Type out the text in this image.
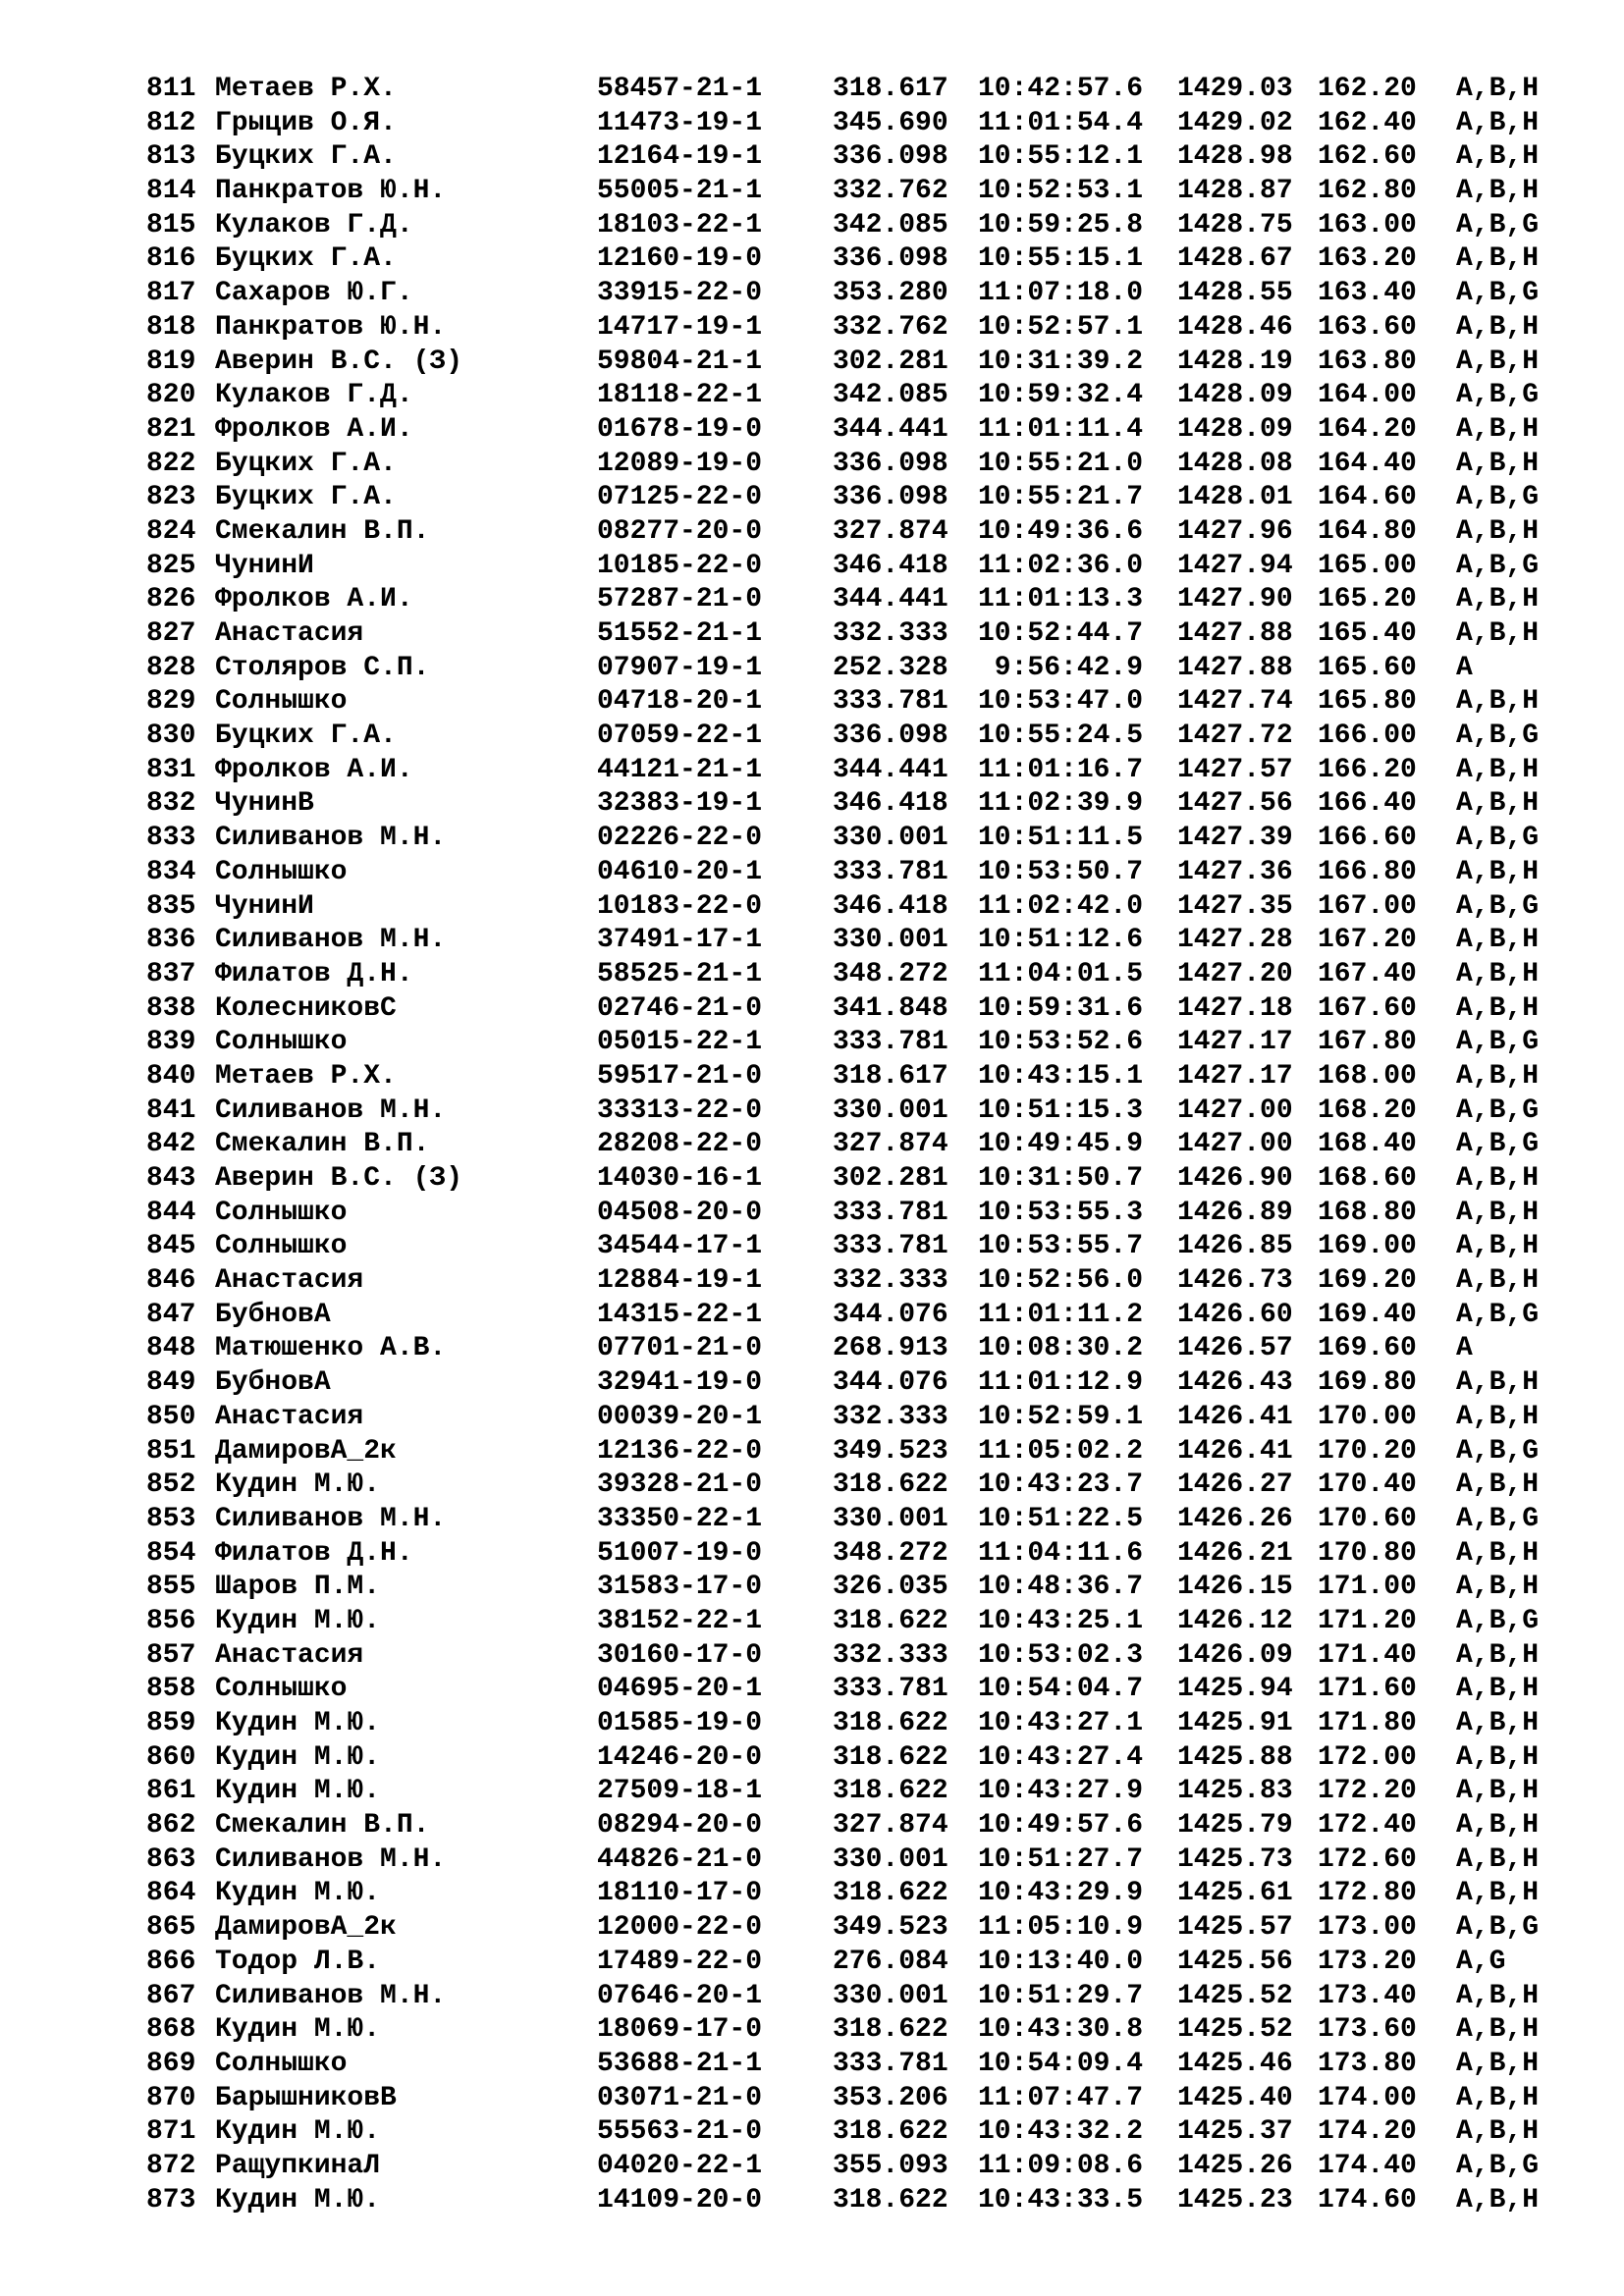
811 Метаев Р.Х.	58457-21-1	318.617 10:42:57.6 1429.03 162.20 A,B,H
812 Грыцив О.Я.	11473-19-1	345.690 11:01:54.4 1429.02 162.40 A,B,H
813 Буцких Г.А.	12164-19-1	336.098 10:55:12.1 1428.98 162.60 A,B,H
814 Панкратов Ю.Н.	55005-21-1	332.762 10:52:53.1 1428.87 162.80 A,B,H
815 Кулаков Г.Д.	18103-22-1	342.085 10:59:25.8 1428.75 163.00 A,B,G
816 Буцких Г.А.	12160-19-0	336.098 10:55:15.1 1428.67 163.20 A,B,H
817 Сахаров Ю.Г.	33915-22-0	353.280 11:07:18.0 1428.55 163.40 A,B,G
818 Панкратов Ю.Н.	14717-19-1	332.762 10:52:57.1 1428.46 163.60 A,B,H
819 Аверин В.С. (З)	59804-21-1	302.281 10:31:39.2 1428.19 163.80 A,B,H
820 Кулаков Г.Д.	18118-22-1	342.085 10:59:32.4 1428.09 164.00 A,B,G
821 Фролков А.И.	01678-19-0	344.441 11:01:11.4 1428.09 164.20 A,B,H
822 Буцких Г.А.	12089-19-0	336.098 10:55:21.0 1428.08 164.40 A,B,H
823 Буцких Г.А.	07125-22-0	336.098 10:55:21.7 1428.01 164.60 A,B,G
824 Смекалин В.П.	08277-20-0	327.874 10:49:36.6 1427.96 164.80 A,B,H
825 ЧунинИ	10185-22-0	346.418 11:02:36.0 1427.94 165.00 A,B,G
826 Фролков А.И.	57287-21-0	344.441 11:01:13.3 1427.90 165.20 A,B,H
827 Анастасия	51552-21-1	332.333 10:52:44.7 1427.88 165.40 A,B,H
828 Столяров С.П.	07907-19-1	252.328 9:56:42.9 1427.88 165.60 A
829 Солнышко	04718-20-1	333.781 10:53:47.0 1427.74 165.80 A,B,H
830 Буцких Г.А.	07059-22-1	336.098 10:55:24.5 1427.72 166.00 A,B,G
831 Фролков А.И.	44121-21-1	344.441 11:01:16.7 1427.57 166.20 A,B,H
832 ЧунинВ	32383-19-1	346.418 11:02:39.9 1427.56 166.40 A,B,H
833 Силиванов М.Н.	02226-22-0	330.001 10:51:11.5 1427.39 166.60 A,B,G
834 Солнышко	04610-20-1	333.781 10:53:50.7 1427.36 166.80 A,B,H
835 ЧунинИ	10183-22-0	346.418 11:02:42.0 1427.35 167.00 A,B,G
836 Силиванов М.Н.	37491-17-1	330.001 10:51:12.6 1427.28 167.20 A,B,H
837 Филатов Д.Н.	58525-21-1	348.272 11:04:01.5 1427.20 167.40 A,B,H
838 КолесниковС	02746-21-0	341.848 10:59:31.6 1427.18 167.60 A,B,H
839 Солнышко	05015-22-1	333.781 10:53:52.6 1427.17 167.80 A,B,G
840 Метаев Р.Х.	59517-21-0	318.617 10:43:15.1 1427.17 168.00 A,B,H
841 Силиванов М.Н.	33313-22-0	330.001 10:51:15.3 1427.00 168.20 A,B,G
842 Смекалин В.П.	28208-22-0	327.874 10:49:45.9 1427.00 168.40 A,B,G
843 Аверин В.С. (З)	14030-16-1	302.281 10:31:50.7 1426.90 168.60 A,B,H
844 Солнышко	04508-20-0	333.781 10:53:55.3 1426.89 168.80 A,B,H
845 Солнышко	34544-17-1	333.781 10:53:55.7 1426.85 169.00 A,B,H
846 Анастасия	12884-19-1	332.333 10:52:56.0 1426.73 169.20 A,B,H
847 БубновА	14315-22-1	344.076 11:01:11.2 1426.60 169.40 A,B,G
848 Матюшенко А.В.	07701-21-0	268.913 10:08:30.2 1426.57 169.60 A
849 БубновА	32941-19-0	344.076 11:01:12.9 1426.43 169.80 A,B,H
850 Анастасия	00039-20-1	332.333 10:52:59.1 1426.41 170.00 A,B,H
851 ДамировА_2к	12136-22-0	349.523 11:05:02.2 1426.41 170.20 A,B,G
852 Кудин М.Ю.	39328-21-0	318.622 10:43:23.7 1426.27 170.40 A,B,H
853 Силиванов М.Н.	33350-22-1	330.001 10:51:22.5 1426.26 170.60 A,B,G
854 Филатов Д.Н.	51007-19-0	348.272 11:04:11.6 1426.21 170.80 A,B,H
855 Шаров П.М.	31583-17-0	326.035 10:48:36.7 1426.15 171.00 A,B,H
856 Кудин М.Ю.	38152-22-1	318.622 10:43:25.1 1426.12 171.20 A,B,G
857 Анастасия	30160-17-0	332.333 10:53:02.3 1426.09 171.40 A,B,H
858 Солнышко	04695-20-1	333.781 10:54:04.7 1425.94 171.60 A,B,H
859 Кудин М.Ю.	01585-19-0	318.622 10:43:27.1 1425.91 171.80 A,B,H
860 Кудин М.Ю.	14246-20-0	318.622 10:43:27.4 1425.88 172.00 A,B,H
861 Кудин М.Ю.	27509-18-1	318.622 10:43:27.9 1425.83 172.20 A,B,H
862 Смекалин В.П.	08294-20-0	327.874 10:49:57.6 1425.79 172.40 A,B,H
863 Силиванов М.Н.	44826-21-0	330.001 10:51:27.7 1425.73 172.60 A,B,H
864 Кудин М.Ю.	18110-17-0	318.622 10:43:29.9 1425.61 172.80 A,B,H
865 ДамировА_2к	12000-22-0	349.523 11:05:10.9 1425.57 173.00 A,B,G
866 Тодор Л.В.	17489-22-0	276.084 10:13:40.0 1425.56 173.20 A,G
867 Силиванов М.Н.	07646-20-1	330.001 10:51:29.7 1425.52 173.40 A,B,H
868 Кудин М.Ю.	18069-17-0	318.622 10:43:30.8 1425.52 173.60 A,B,H
869 Солнышко	53688-21-1	333.781 10:54:09.4 1425.46 173.80 A,B,H
870 БарышниковВ	03071-21-0	353.206 11:07:47.7 1425.40 174.00 A,B,H
871 Кудин М.Ю.	55563-21-0	318.622 10:43:32.2 1425.37 174.20 A,B,H
872 РащупкинаЛ	04020-22-1	355.093 11:09:08.6 1425.26 174.40 A,B,G
873 Кудин М.Ю.	14109-20-0	318.622 10:43:33.5 1425.23 174.60 A,B,H
